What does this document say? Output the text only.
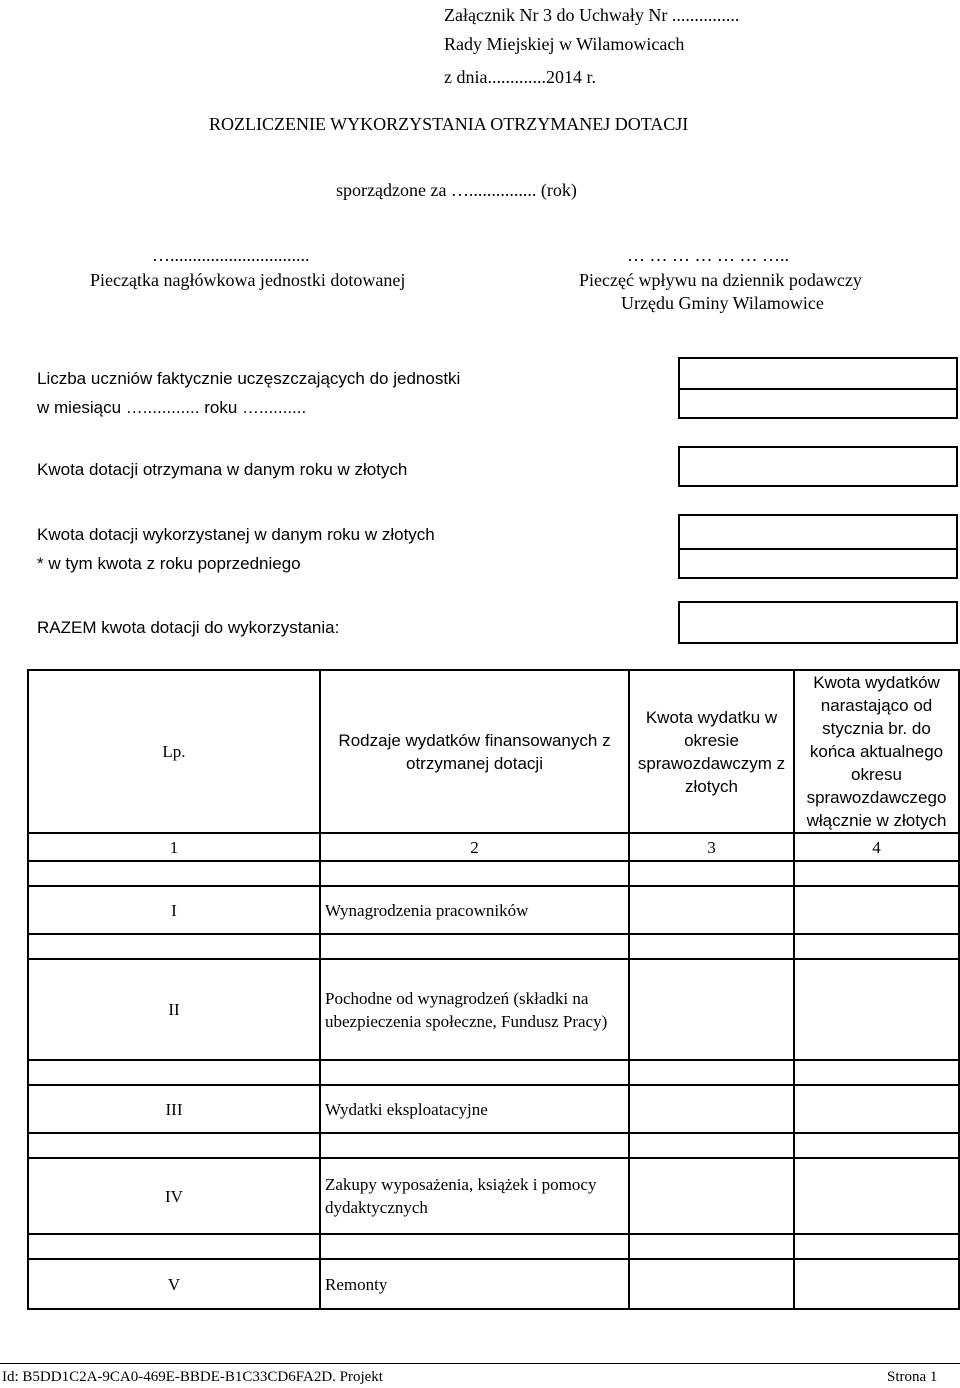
Załącznik Nr 3 do Uchwały Nr ...............
Rady Miejskiej w Wilamowicach
z dnia.............2014 r.
ROZLICZENIE WYKORZYSTANIA OTRZYMANEJ DOTACJI
sporządzone za …............... (rok)
…...............................
Pieczątka nagłówkowa jednostki dotowanej
… … … … … … …..
Pieczęć wpływu na dziennik podawczy
Urzędu Gminy Wilamowice
Liczba uczniów faktycznie uczęszczających do jednostki
w miesiącu …............ roku …..........
Kwota dotacji otrzymana w danym roku w złotych
Kwota dotacji wykorzystanej w danym roku w złotych
* w tym kwota z roku poprzedniego
RAZEM kwota dotacji do wykorzystania:
Lp.	Rodzaje wydatków finansowanych z otrzymanej dotacji	Kwota wydatku w okresie sprawozdawczym z złotych	Kwota wydatków narastająco od stycznia br. do końca aktualnego okresu sprawozdawczego włącznie w złotych
1	2	3	4

I	Wynagrodzenia pracowników		

II	Pochodne od wynagrodzeń (składki na ubezpieczenia społeczne, Fundusz Pracy)		

III	Wydatki eksploatacyjne		

IV	Zakupy wyposażenia, książek i pomocy dydaktycznych		

V	Remonty		
Id: B5DD1C2A-9CA0-469E-BBDE-B1C33CD6FA2D. Projekt	Strona 1
